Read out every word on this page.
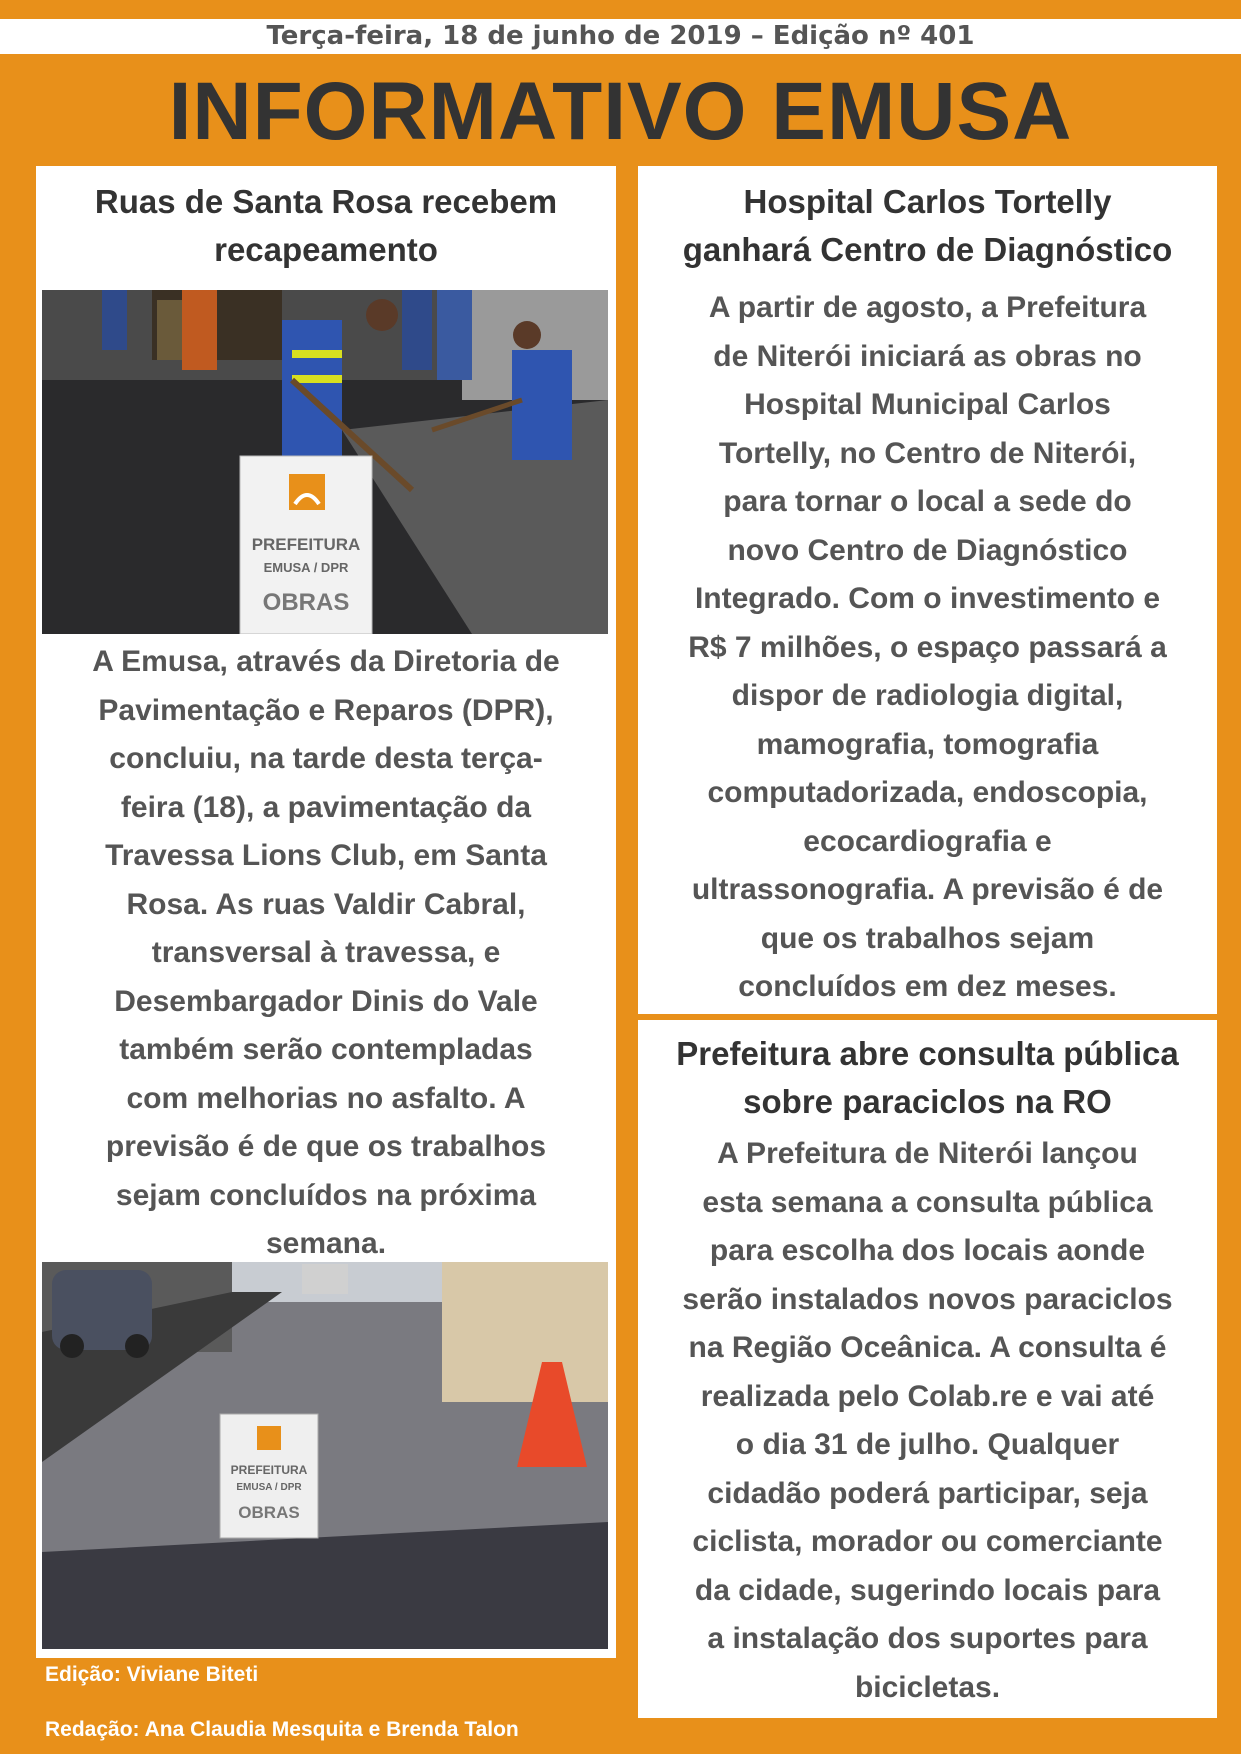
Terça-feira, 18 de junho de 2019 – Edição nº 401
INFORMATIVO EMUSA
Ruas de Santa Rosa recebem
recapeamento
PREFEITURA
EMUSA / DPR
OBRAS
A Emusa, através da Diretoria de
Pavimentação e Reparos (DPR),
concluiu, na tarde desta terça-
feira (18), a pavimentação da
Travessa Lions Club, em Santa
Rosa. As ruas Valdir Cabral,
transversal à travessa, e
Desembargador Dinis do Vale
também serão contempladas
com melhorias no asfalto. A
previsão é de que os trabalhos
sejam concluídos na próxima
semana.
PREFEITURA
EMUSA / DPR
OBRAS
Hospital Carlos Tortelly
ganhará Centro de Diagnóstico
A partir de agosto, a Prefeitura
de Niterói iniciará as obras no
Hospital Municipal Carlos
Tortelly, no Centro de Niterói,
para tornar o local a sede do
novo Centro de Diagnóstico
Integrado. Com o investimento e
R$ 7 milhões, o espaço passará a
dispor de radiologia digital,
mamografia, tomografia
computadorizada, endoscopia,
ecocardiografia e
ultrassonografia. A previsão é de
que os trabalhos sejam
concluídos em dez meses.
Prefeitura abre consulta pública
sobre paraciclos na RO
A Prefeitura de Niterói lançou
esta semana a consulta pública
para escolha dos locais aonde
serão instalados novos paraciclos
na Região Oceânica. A consulta é
realizada pelo Colab.re e vai até
o dia 31 de julho. Qualquer
cidadão poderá participar, seja
ciclista, morador ou comerciante
da cidade, sugerindo locais para
a instalação dos suportes para
bicicletas.
Edição: Viviane Biteti
Redação: Ana Claudia Mesquita e Brenda Talon
